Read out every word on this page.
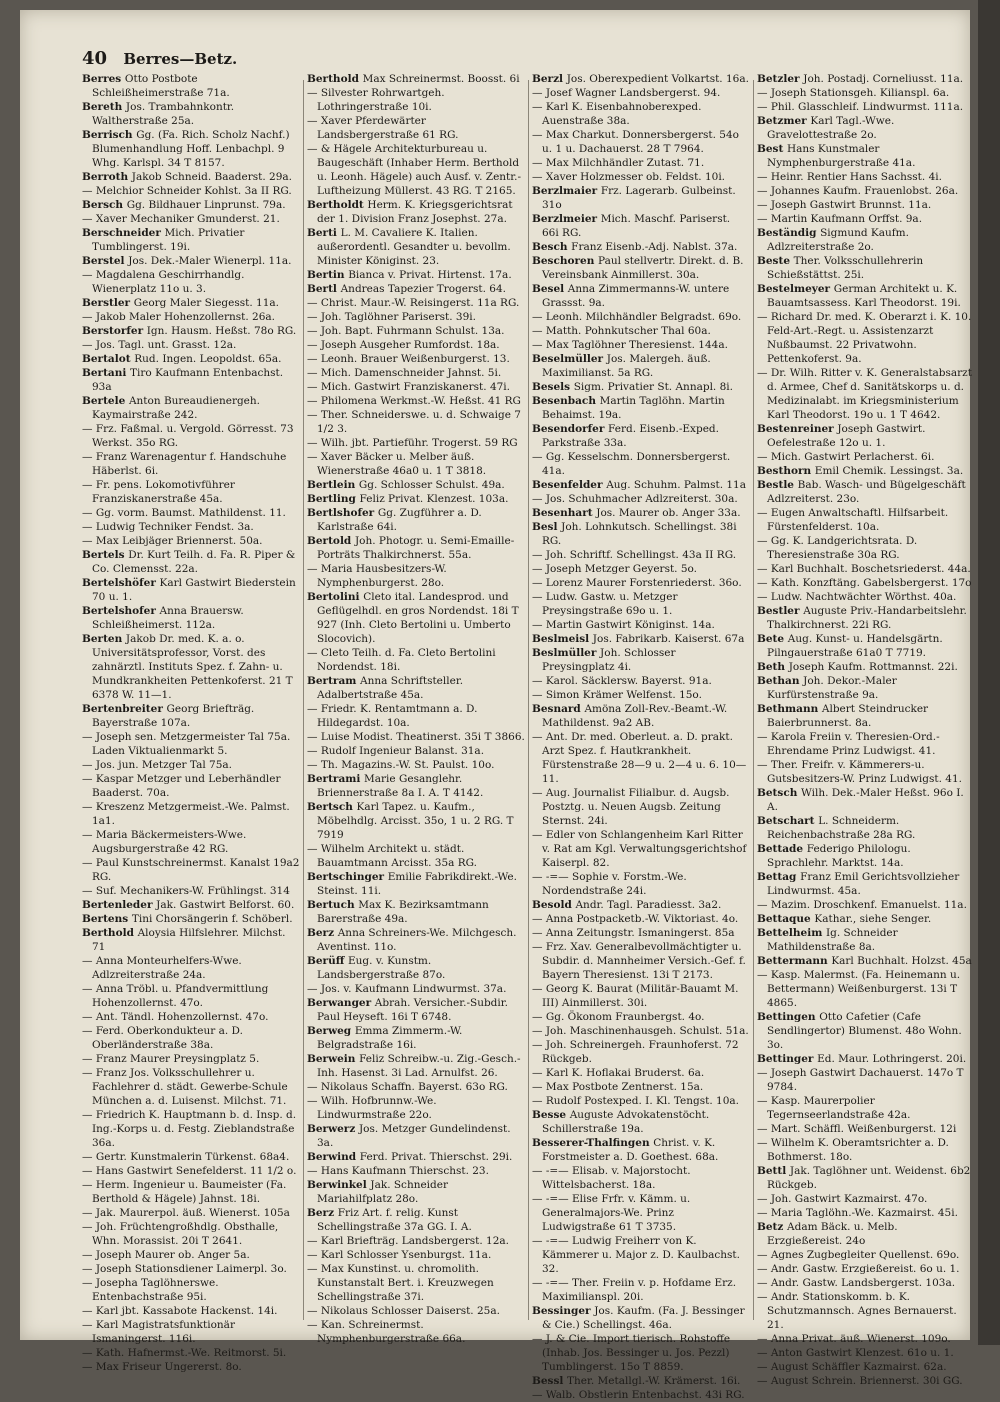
40 Berres—Betz.

Berres Otto Postbote Schleißheimerstraße 71a.

Bereth Jos. Trambahnkontr. Waltherstraße 25a.

Berrisch Gg. (Fa. Rich. Scholz Nachf.) Blumenhandlung Hoff. Lenbachpl. 9 Whg. Karlspl. 34 T 8157.

Berroth Jakob Schneid. Baaderst. 29a.

— Melchior Schneider Kohlst. 3a II RG.

Bersch Gg. Bildhauer Linprunst. 79a.

— Xaver Mechaniker Gmunderst. 21.

Berschneider Mich. Privatier Tumblingerst. 19i.

Berstel Jos. Dek.-Maler Wienerpl. 11a.

— Magdalena Geschirrhandlg. Wienerplatz 11o u. 3.

Berstler Georg Maler Siegesst. 11a.

— Jakob Maler Hohenzollernst. 26a.

Berstorfer Ign. Hausm. Heßst. 78o RG.

— Jos. Tagl. unt. Grasst. 12a.

Bertalot Rud. Ingen. Leopoldst. 65a.

Bertani Tiro Kaufmann Entenbachst. 93a

Bertele Anton Bureaudienergeh. Kaymairstraße 242.

— Frz. Faßmal. u. Vergold. Görresst. 73 Werkst. 35o RG.

— Franz Warenagentur f. Handschuhe Häberlst. 6i.

— Fr. pens. Lokomotivführer Franziskanerstraße 45a.

— Gg. vorm. Baumst. Mathildenst. 11.

— Ludwig Techniker Fendst. 3a.

— Max Leibjäger Briennerst. 50a.

Bertels Dr. Kurt Teilh. d. Fa. R. Piper & Co. Clemensst. 22a.

Bertelshöfer Karl Gastwirt Biederstein 70 u. 1.

Bertelshofer Anna Brauersw. Schleißheimerst. 112a.

Berten Jakob Dr. med. K. a. o. Universitätsprofessor, Vorst. des zahnärztl. Instituts Spez. f. Zahn- u. Mundkrankheiten Pettenkoferst. 21 T 6378 W. 11—1.

Bertenbreiter Georg Briefträg. Bayerstraße 107a.

— Joseph sen. Metzgermeister Tal 75a. Laden Viktualienmarkt 5.

— Jos. jun. Metzger Tal 75a.

— Kaspar Metzger und Leberhändler Baaderst. 70a.

— Kreszenz Metzgermeist.-We. Palmst. 1a1.

— Maria Bäckermeisters-Wwe. Augsburgerstraße 42 RG.

— Paul Kunstschreinermst. Kanalst 19a2 RG.

— Suf. Mechanikers-W. Frühlingst. 314

Bertenleder Jak. Gastwirt Belforst. 60.

Bertens Tini Chorsängerin f. Schöberl.

Berthold Aloysia Hilfslehrer. Milchst. 71

— Anna Monteurhelfers-Wwe. Adlzreiterstraße 24a.

— Anna Tröbl. u. Pfandvermittlung Hohenzollernst. 47o.

— Ant. Tändl. Hohenzollernst. 47o.

— Ferd. Oberkondukteur a. D. Oberländerstraße 38a.

— Franz Maurer Preysingplatz 5.

— Franz Jos. Volksschullehrer u. Fachlehrer d. städt. Gewerbe-Schule München a. d. Luisenst. Milchst. 71.

— Friedrich K. Hauptmann b. d. Insp. d. Ing.-Korps u. d. Festg. Zieblandstraße 36a.

— Gertr. Kunstmalerin Türkenst. 68a4.

— Hans Gastwirt Senefelderst. 11 1/2 o.

— Herm. Ingenieur u. Baumeister (Fa. Berthold & Hägele) Jahnst. 18i.

— Jak. Maurerpol. äuß. Wienerst. 105a

— Joh. Früchtengroßhdlg. Obsthalle, Whn. Morassist. 20i T 2641.

— Joseph Maurer ob. Anger 5a.

— Joseph Stationsdiener Laimerpl. 3o.

— Josepha Taglöhnerswe. Entenbachstraße 95i.

— Karl jbt. Kassabote Hackenst. 14i.

— Karl Magistratsfunktionär Ismaningerst. 116i.

— Kath. Hafnermst.-We. Reitmorst. 5i.

— Max Friseur Ungererst. 8o.

Berthold Max Schreinermst. Boosst. 6i

— Silvester Rohrwartgeh. Lothringerstraße 10i.

— Xaver Pferdewärter Landsbergerstraße 61 RG.

— & Hägele Architekturbureau u. Baugeschäft (Inhaber Herm. Berthold u. Leonh. Hägele) auch Ausf. v. Zentr.-Luftheizung Müllerst. 43 RG. T 2165.

Bertholdt Herm. K. Kriegsgerichtsrat der 1. Division Franz Josephst. 27a.

Berti L. M. Cavaliere K. Italien. außerordentl. Gesandter u. bevollm. Minister Königinst. 23.

Bertin Bianca v. Privat. Hirtenst. 17a.

Bertl Andreas Tapezier Trogerst. 64.

— Christ. Maur.-W. Reisingerst. 11a RG.

— Joh. Taglöhner Pariserst. 39i.

— Joh. Bapt. Fuhrmann Schulst. 13a.

— Joseph Ausgeher Rumfordst. 18a.

— Leonh. Brauer Weißenburgerst. 13.

— Mich. Damenschneider Jahnst. 5i.

— Mich. Gastwirt Franziskanerst. 47i.

— Philomena Werkmst.-W. Heßst. 41 RG

— Ther. Schneiderswe. u. d. Schwaige 7 1/2 3.

— Wilh. jbt. Partieführ. Trogerst. 59 RG

— Xaver Bäcker u. Melber äuß. Wienerstraße 46a0 u. 1 T 3818.

Bertlein Gg. Schlosser Schulst. 49a.

Bertling Feliz Privat. Klenzest. 103a.

Bertlshofer Gg. Zugführer a. D. Karlstraße 64i.

Bertold Joh. Photogr. u. Semi-Emaille-Porträts Thalkirchnerst. 55a.

— Maria Hausbesitzers-W. Nymphenburgerst. 28o.

Bertolini Cleto ital. Landesprod. und Geflügelhdl. en gros Nordendst. 18i T 927 (Inh. Cleto Bertolini u. Umberto Slocovich).

— Cleto Teilh. d. Fa. Cleto Bertolini Nordendst. 18i.

Bertram Anna Schriftsteller. Adalbertstraße 45a.

— Friedr. K. Rentamtmann a. D. Hildegardst. 10a.

— Luise Modist. Theatinerst. 35i T 3866.

— Rudolf Ingenieur Balanst. 31a.

— Th. Magazins.-W. St. Paulst. 10o.

Bertrami Marie Gesanglehr. Briennerstraße 8a I. A. T 4142.

Bertsch Karl Tapez. u. Kaufm., Möbelhdlg. Arcisst. 35o, 1 u. 2 RG. T 7919

— Wilhelm Architekt u. städt. Bauamtmann Arcisst. 35a RG.

Bertschinger Emilie Fabrikdirekt.-We. Steinst. 11i.

Bertuch Max K. Bezirksamtmann Barerstraße 49a.

Berz Anna Schreiners-We. Milchgesch. Aventinst. 11o.

Berüff Eug. v. Kunstm. Landsbergerstraße 87o.

— Jos. v. Kaufmann Lindwurmst. 37a.

Berwanger Abrah. Versicher.-Subdir. Paul Heyseft. 16i T 6748.

Berweg Emma Zimmerm.-W. Belgradstraße 16i.

Berwein Feliz Schreibw.-u. Zig.-Gesch.-Inh. Hasenst. 3i Lad. Arnulfst. 26.

— Nikolaus Schaffn. Bayerst. 63o RG.

— Wilh. Hofbrunnw.-We. Lindwurmstraße 22o.

Berwerz Jos. Metzger Gundelindenst. 3a.

Berwind Ferd. Privat. Thierschst. 29i.

— Hans Kaufmann Thierschst. 23.

Berwinkel Jak. Schneider Mariahilfplatz 28o.

Berz Friz Art. f. relig. Kunst Schellingstraße 37a GG. I. A.

— Karl Briefträg. Landsbergerst. 12a.

— Karl Schlosser Ysenburgst. 11a.

— Max Kunstinst. u. chromolith. Kunstanstalt Bert. i. Kreuzwegen Schellingstraße 37i.

— Nikolaus Schlosser Daiserst. 25a.

— Kan. Schreinermst. Nymphenburgerstraße 66a.

Berzl Jos. Oberexpedient Volkartst. 16a.

— Josef Wagner Landsbergerst. 94.

— Karl K. Eisenbahnoberexped. Auenstraße 38a.

— Max Charkut. Donnersbergerst. 54o u. 1 u. Dachauerst. 28 T 7964.

— Max Milchhändler Zutast. 71.

— Xaver Holzmesser ob. Feldst. 10i.

Berzlmaier Frz. Lagerarb. Gulbeinst. 31o

Berzlmeier Mich. Maschf. Pariserst. 66i RG.

Besch Franz Eisenb.-Adj. Nablst. 37a.

Beschoren Paul stellvertr. Direkt. d. B. Vereinsbank Ainmillerst. 30a.

Besel Anna Zimmermanns-W. untere Grassst. 9a.

— Leonh. Milchhändler Belgradst. 69o.

— Matth. Pohnkutscher Thal 60a.

— Max Taglöhner Theresienst. 144a.

Beselmüller Jos. Malergeh. äuß. Maximilianst. 5a RG.

Besels Sigm. Privatier St. Annapl. 8i.

Besenbach Martin Taglöhn. Martin Behaimst. 19a.

Besendorfer Ferd. Eisenb.-Exped. Parkstraße 33a.

— Gg. Kesselschm. Donnersbergerst. 41a.

Besenfelder Aug. Schuhm. Palmst. 11a

— Jos. Schuhmacher Adlzreiterst. 30a.

Besenhart Jos. Maurer ob. Anger 33a.

Besl Joh. Lohnkutsch. Schellingst. 38i RG.

— Joh. Schriftf. Schellingst. 43a II RG.

— Joseph Metzger Geyerst. 5o.

— Lorenz Maurer Forstenriederst. 36o.

— Ludw. Gastw. u. Metzger Preysingstraße 69o u. 1.

— Martin Gastwirt Königinst. 14a.

Beslmeisl Jos. Fabrikarb. Kaiserst. 67a

Beslmüller Joh. Schlosser Preysingplatz 4i.

— Karol. Säcklersw. Bayerst. 91a.

— Simon Krämer Welfenst. 15o.

Besnard Amöna Zoll-Rev.-Beamt.-W. Mathildenst. 9a2 AB.

— Ant. Dr. med. Oberleut. a. D. prakt. Arzt Spez. f. Hautkrankheit. Fürstenstraße 28—9 u. 2—4 u. 6. 10—11.

— Aug. Journalist Filialbur. d. Augsb. Postztg. u. Neuen Augsb. Zeitung Sternst. 24i.

— Edler von Schlangenheim Karl Ritter v. Rat am Kgl. Verwaltungsgerichtshof Kaiserpl. 82.

— -=— Sophie v. Forstm.-We. Nordendstraße 24i.

Besold Andr. Tagl. Paradiesst. 3a2.

— Anna Postpacketb.-W. Viktoriast. 4o.

— Anna Zeitungstr. Ismaningerst. 85a

— Frz. Xav. Generalbevollmächtigter u. Subdir. d. Mannheimer Versich.-Gef. f. Bayern Theresienst. 13i T 2173.

— Georg K. Baurat (Militär-Bauamt M. III) Ainmillerst. 30i.

— Gg. Ökonom Fraunbergst. 4o.

— Joh. Maschinenhausgeh. Schulst. 51a.

— Joh. Schreinergeh. Fraunhoferst. 72 Rückgeb.

— Karl K. Hoflakai Bruderst. 6a.

— Max Postbote Zentnerst. 15a.

— Rudolf Postexped. I. Kl. Tengst. 10a.

Besse Auguste Advokatenstöcht. Schillerstraße 19a.

Besserer-Thalfingen Christ. v. K. Forstmeister a. D. Goethest. 68a.

— -=— Elisab. v. Majorstocht. Wittelsbacherst. 18a.

— -=— Elise Frfr. v. Kämm. u. Generalmajors-We. Prinz Ludwigstraße 61 T 3735.

— -=— Ludwig Freiherr von K. Kämmerer u. Major z. D. Kaulbachst. 32.

— -=— Ther. Freiin v. p. Hofdame Erz. Maximilianspl. 20i.

Bessinger Jos. Kaufm. (Fa. J. Bessinger & Cie.) Schellingst. 46a.

— J. & Cie. Import tierisch. Rohstoffe (Inhab. Jos. Bessinger u. Jos. Pezzl) Tumblingerst. 15o T 8859.

Bessl Ther. Metallgl.-W. Krämerst. 16i.

— Walb. Obstlerin Entenbachst. 43i RG.

Betzler Joh. Postadj. Corneliusst. 11a.

— Joseph Stationsgeh. Kilianspl. 6a.

— Phil. Glasschleif. Lindwurmst. 111a.

Betzmer Karl Tagl.-Wwe. Gravelottestraße 2o.

Best Hans Kunstmaler Nymphenburgerstraße 41a.

— Heinr. Rentier Hans Sachsst. 4i.

— Johannes Kaufm. Frauenlobst. 26a.

— Joseph Gastwirt Brunnst. 11a.

— Martin Kaufmann Orffst. 9a.

Beständig Sigmund Kaufm. Adlzreiterstraße 2o.

Beste Ther. Volksschullehrerin Schießstättst. 25i.

Bestelmeyer German Architekt u. K. Bauamtsassess. Karl Theodorst. 19i.

— Richard Dr. med. K. Oberarzt i. K. 10. Feld-Art.-Regt. u. Assistenzarzt Nußbaumst. 22 Privatwohn. Pettenkoferst. 9a.

— Dr. Wilh. Ritter v. K. Generalstabsarzt d. Armee, Chef d. Sanitätskorps u. d. Medizinalabt. im Kriegsministerium Karl Theodorst. 19o u. 1 T 4642.

Bestenreiner Joseph Gastwirt. Oefelestraße 12o u. 1.

— Mich. Gastwirt Perlacherst. 6i.

Besthorn Emil Chemik. Lessingst. 3a.

Bestle Bab. Wasch- und Bügelgeschäft Adlzreiterst. 23o.

— Eugen Anwaltschaftl. Hilfsarbeit. Fürstenfelderst. 10a.

— Gg. K. Landgerichtsrata. D. Theresienstraße 30a RG.

— Karl Buchhalt. Boschetsriederst. 44a.

— Kath. Konzftäng. Gabelsbergerst. 17o

— Ludw. Nachtwächter Wörthst. 40a.

Bestler Auguste Priv.-Handarbeitslehr. Thalkirchnerst. 22i RG.

Bete Aug. Kunst- u. Handelsgärtn. Pilngauerstraße 61a0 T 7719.

Beth Joseph Kaufm. Rottmannst. 22i.

Bethan Joh. Dekor.-Maler Kurfürstenstraße 9a.

Bethmann Albert Steindrucker Baierbrunnerst. 8a.

— Karola Freiin v. Theresien-Ord.-Ehrendame Prinz Ludwigst. 41.

— Ther. Freifr. v. Kämmerers-u. Gutsbesitzers-W. Prinz Ludwigst. 41.

Betsch Wilh. Dek.-Maler Heßst. 96o I. A.

Betschart L. Schneiderm. Reichenbachstraße 28a RG.

Bettade Federigo Philologu. Sprachlehr. Marktst. 14a.

Bettag Franz Emil Gerichtsvollzieher Lindwurmst. 45a.

— Mazim. Droschkenf. Emanuelst. 11a.

Bettaque Kathar., siehe Senger.

Bettelheim Ig. Schneider Mathildenstraße 8a.

Bettermann Karl Buchhalt. Holzst. 45a

— Kasp. Malermst. (Fa. Heinemann u. Bettermann) Weißenburgerst. 13i T 4865.

Bettingen Otto Cafetier (Cafe Sendlingertor) Blumenst. 48o Wohn. 3o.

Bettinger Ed. Maur. Lothringerst. 20i.

— Joseph Gastwirt Dachauerst. 147o T 9784.

— Kasp. Maurerpolier Tegernseerlandstraße 42a.

— Mart. Schäffl. Weißenburgerst. 12i

— Wilhelm K. Oberamtsrichter a. D. Bothmerst. 18o.

Bettl Jak. Taglöhner unt. Weidenst. 6b2 Rückgeb.

— Joh. Gastwirt Kazmairst. 47o.

— Maria Taglöhn.-We. Kazmairst. 45i.

Betz Adam Bäck. u. Melb. Erzgießereist. 24o

— Agnes Zugbegleiter Quellenst. 69o.

— Andr. Gastw. Erzgießereist. 6o u. 1.

— Andr. Gastw. Landsbergerst. 103a.

— Andr. Stationskomm. b. K. Schutzmannsch. Agnes Bernauerst. 21.

— Anna Privat. äuß. Wienerst. 109o.

— Anton Gastwirt Klenzest. 61o u. 1.

— August Schäffler Kazmairst. 62a.

— August Schrein. Briennerst. 30i GG.
